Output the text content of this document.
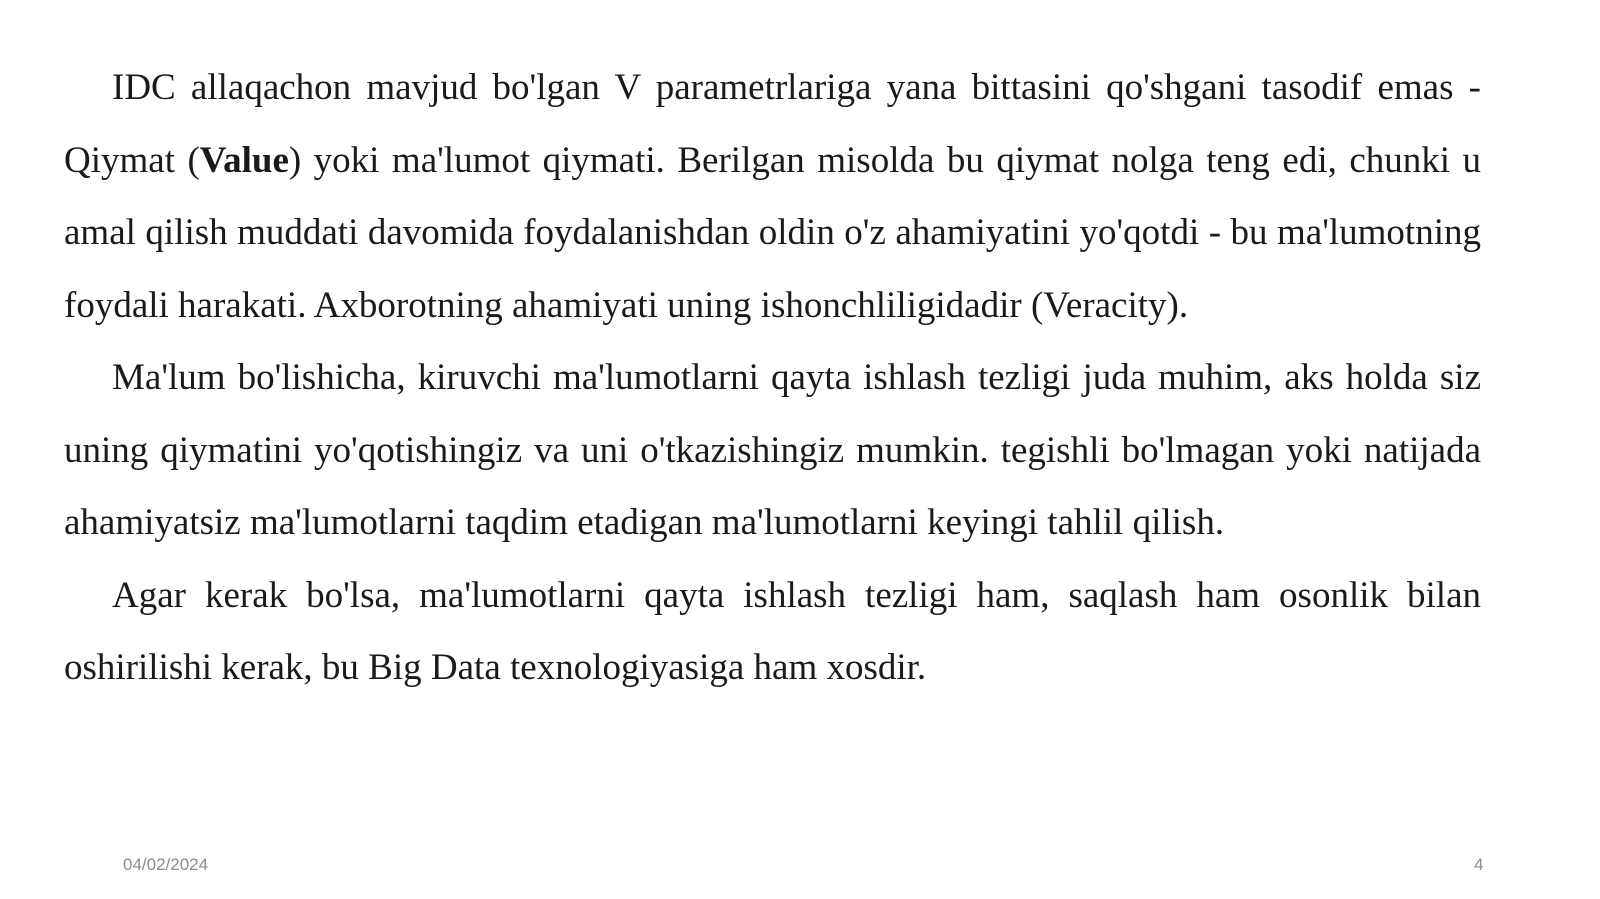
IDC allaqachon mavjud bo'lgan V parametrlariga yana bittasini qo'shgani tasodif emas - Qiymat (Value) yoki ma'lumot qiymati. Berilgan misolda bu qiymat nolga teng edi, chunki u amal qilish muddati davomida foydalanishdan oldin o'z ahamiyatini yo'qotdi - bu ma'lumotning foydali harakati. Axborotning ahamiyati uning ishonchliligidadir (Veracity).

Ma'lum bo'lishicha, kiruvchi ma'lumotlarni qayta ishlash tezligi juda muhim, aks holda siz uning qiymatini yo'qotishingiz va uni o'tkazishingiz mumkin. tegishli bo'lmagan yoki natijada ahamiyatsiz ma'lumotlarni taqdim etadigan ma'lumotlarni keyingi tahlil qilish.

Agar kerak bo'lsa, ma'lumotlarni qayta ishlash tezligi ham, saqlash ham osonlik bilan oshirilishi kerak, bu Big Data texnologiyasiga ham xosdir.

04/02/2024	4
